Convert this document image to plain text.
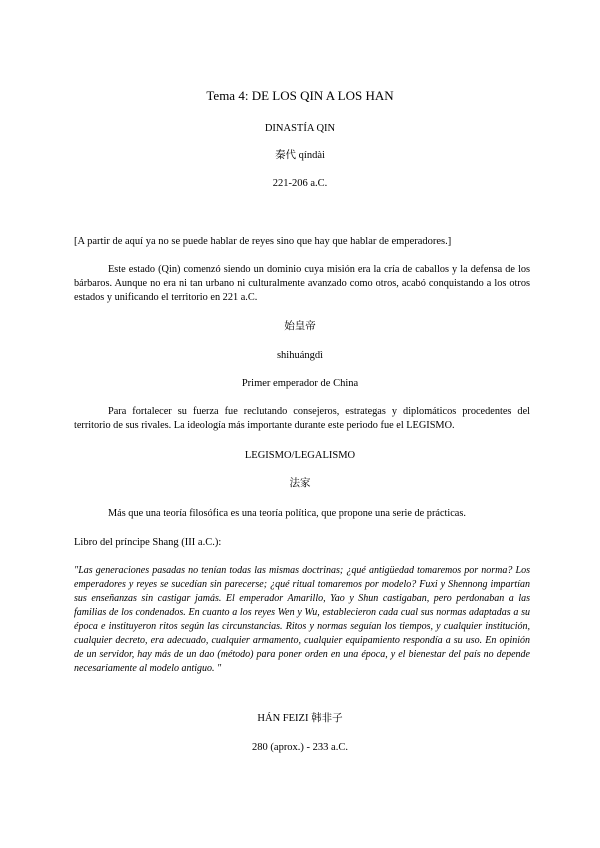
Tema 4: DE LOS QIN A LOS HAN
DINASTÍA QIN
秦代 qíndài
221-206 a.C.
[A partir de aquí ya no se puede hablar de reyes sino que hay que hablar de emperadores.]

Este estado (Qin) comenzó siendo un dominio cuya misión era la cría de caballos y la defensa de los bárbaros. Aunque no era ni tan urbano ni culturalmente avanzado como otros, acabó conquistando a los otros estados y unificando el territorio en 221 a.C.

始皇帝
shihuángdì
Primer emperador de China

Para fortalecer su fuerza fue reclutando consejeros, estrategas y diplomáticos procedentes del territorio de sus rivales. La ideología más importante durante este periodo fue el LEGISMO.

LEGISMO/LEGALISMO
法家

Más que una teoría filosófica es una teoría política, que propone una serie de prácticas.

Libro del príncipe Shang (III a.C.):
"Las generaciones pasadas no tenían todas las mismas doctrinas; ¿qué antigüedad tomaremos por norma? Los emperadores y reyes se sucedían sin parecerse; ¿qué ritual tomaremos por modelo? Fuxi y Shennong impartían sus enseñanzas sin castigar jamás. El emperador Amarillo, Yao y Shun castigaban, pero perdonaban a las familias de los condenados. En cuanto a los reyes Wen y Wu, establecieron cada cual sus normas adaptadas a su época e instituyeron ritos según las circunstancias. Ritos y normas seguían los tiempos, y cualquier institución, cualquier decreto, era adecuado, cualquier armamento, cualquier equipamiento respondía a su uso. En opinión de un servidor, hay más de un dao (método) para poner orden en una época, y el bienestar del país no depende necesariamente al modelo antiguo. "
HÁN FEIZI 韩非子
280 (aprox.) - 233 a.C.
